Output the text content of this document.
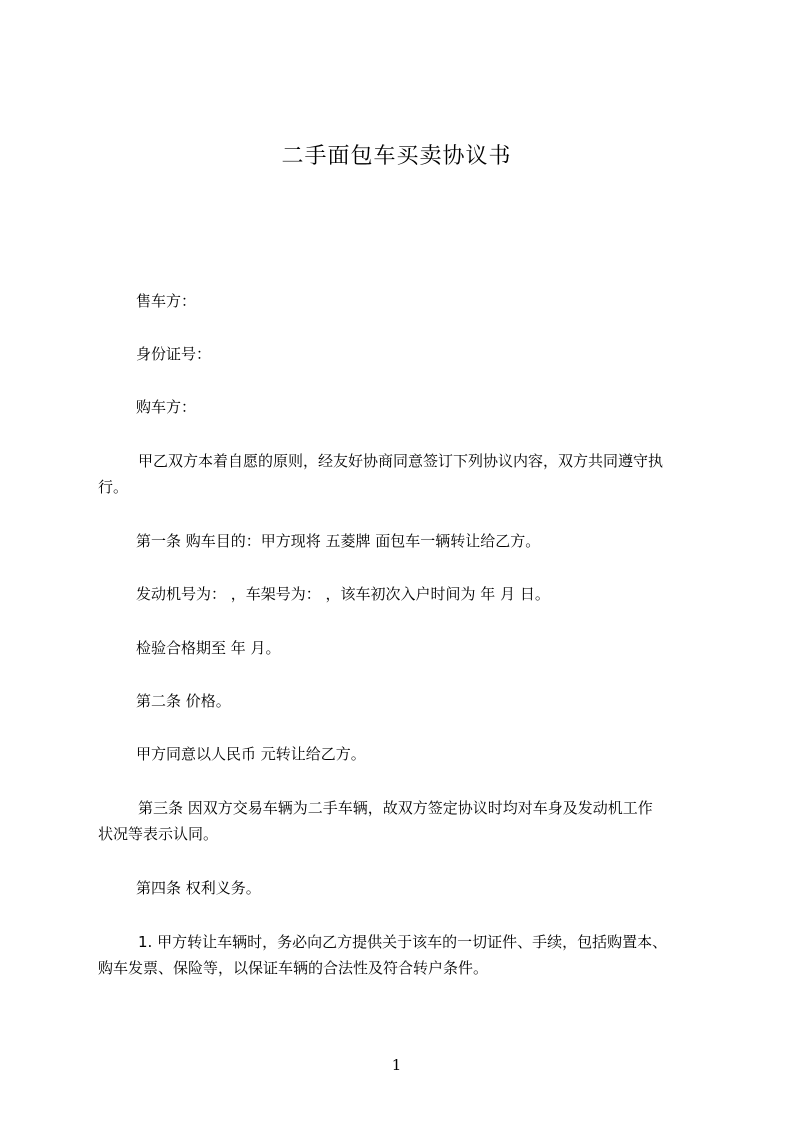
二手面包车买卖协议书
售车方：
身份证号：
购车方：
甲乙双方本着自愿的原则，经友好协商同意签订下列协议内容，双方共同遵守执
行。
第一条 购车目的：甲方现将 五菱牌 面包车一辆转让给乙方。
发动机号为： ，车架号为： ，该车初次入户时间为 年 月 日。
检验合格期至 年 月。
第二条 价格。
甲方同意以人民币 元转让给乙方。
第三条 因双方交易车辆为二手车辆，故双方签定协议时均对车身及发动机工作
状况等表示认同。
第四条 权利义务。
1. 甲方转让车辆时，务必向乙方提供关于该车的一切证件、手续，包括购置本、
购车发票、保险等，以保证车辆的合法性及符合转户条件。
1
